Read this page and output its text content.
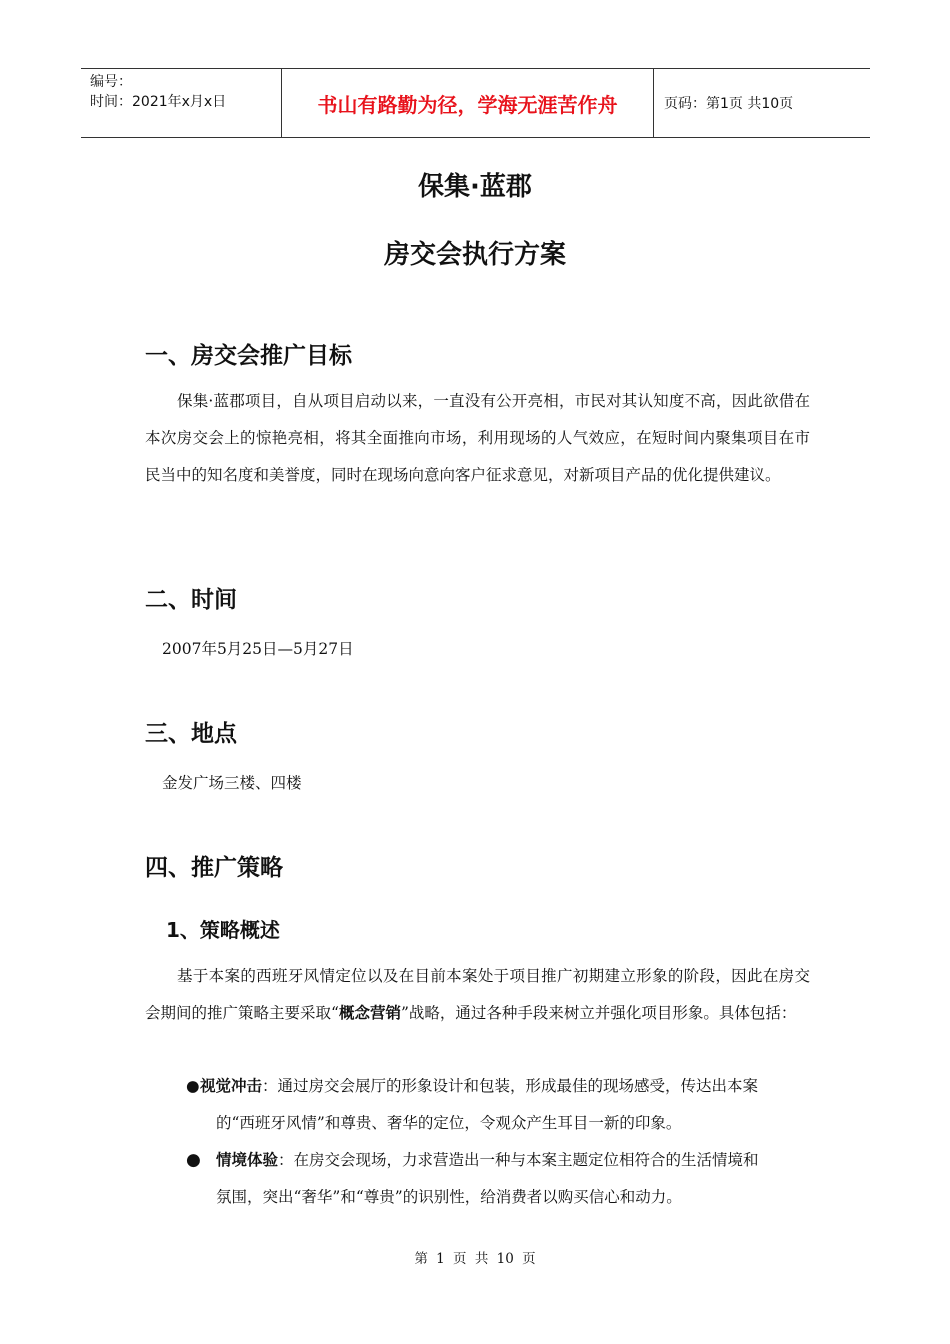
编号：
时间：2021年x月x日	书山有路勤为径，学海无涯苦作舟	页码：第1页 共10页
保集·蓝郡
房交会执行方案
一、房交会推广目标
保集·蓝郡项目，自从项目启动以来，一直没有公开亮相，市民对其认知度不高，因此欲借在本次房交会上的惊艳亮相，将其全面推向市场，利用现场的人气效应，在短时间内聚集项目在市民当中的知名度和美誉度，同时在现场向意向客户征求意见，对新项目产品的优化提供建议。
二、时间
2007年5月25日—5月27日
三、地点
金发广场三楼、四楼
四、推广策略
1、策略概述
基于本案的西班牙风情定位以及在目前本案处于项目推广初期建立形象的阶段，因此在房交会期间的推广策略主要采取“概念营销”战略，通过各种手段来树立并强化项目形象。具体包括：
●视觉冲击：通过房交会展厅的形象设计和包装，形成最佳的现场感受，传达出本案
的“西班牙风情”和尊贵、奢华的定位，令观众产生耳目一新的印象。
● 情境体验：在房交会现场，力求营造出一种与本案主题定位相符合的生活情境和
氛围，突出“奢华”和“尊贵”的识别性，给消费者以购买信心和动力。
第 1 页 共 10 页
